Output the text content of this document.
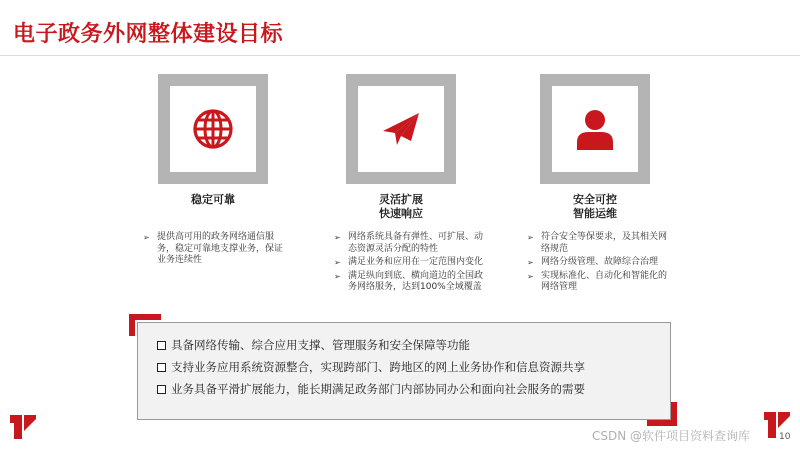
电子政务外网整体建设目标
稳定可靠
➢ 提供高可用的政务网络通信服务，稳定可靠地支撑业务，保证业务连续性
灵活扩展
快速响应
➢ 网络系统具备有弹性、可扩展、动态资源灵活分配的特性
➢ 满足业务和应用在一定范围内变化
➢ 满足纵向到底、横向道边的全国政务网络服务，达到100%全域覆盖
安全可控
智能运维
➢ 符合安全等保要求，及其相关网络规范
➢ 网络分级管理、故障综合治理
➢ 实现标准化、自动化和智能化的网络管理
具备网络传输、综合应用支撑、管理服务和安全保障等功能
支持业务应用系统资源整合，实现跨部门、跨地区的网上业务协作和信息资源共享
业务具备平滑扩展能力，能长期满足政务部门内部协同办公和面向社会服务的需要
CSDN @软件项目资料查询库	10
